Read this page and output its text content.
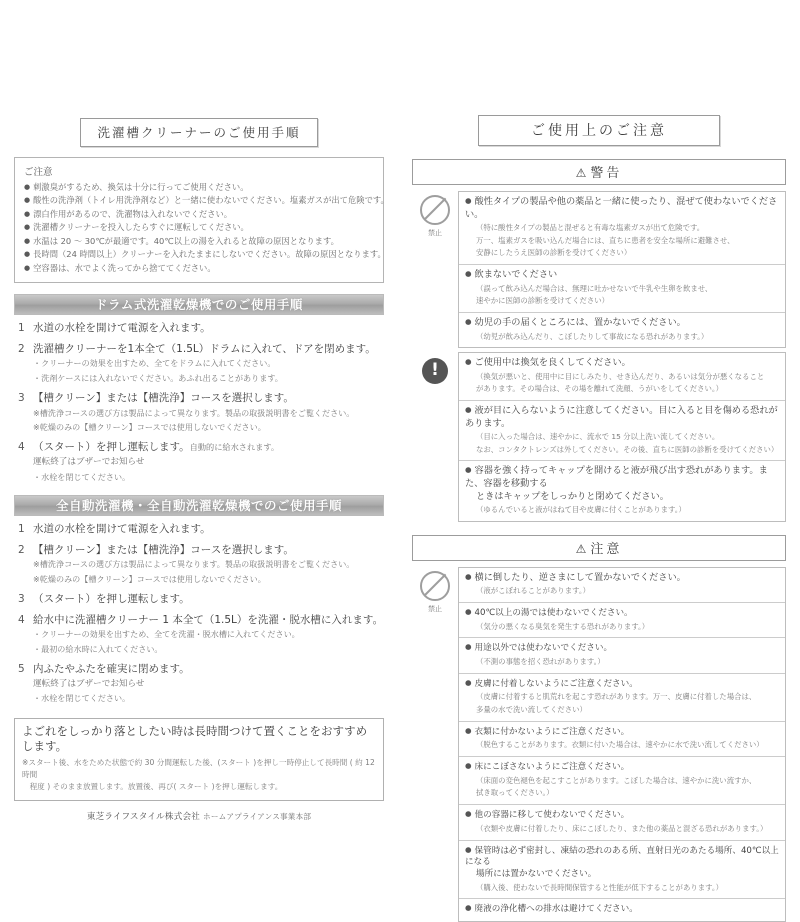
洗濯槽クリーナーのご使用手順
ご注意
● 刺激臭がするため、換気は十分に行ってご使用ください。
● 酸性の洗浄剤（トイレ用洗浄剤など）と一緒に使わないでください。塩素ガスが出て危険です。
● 漂白作用があるので、洗濯物は入れないでください。
● 洗濯槽クリーナーを投入したらすぐに運転してください。
● 水温は 20 ～ 30℃が最適です。40℃以上の湯を入れると故障の原因となります。
● 長時間（24 時間以上）クリーナーを入れたままにしないでください。故障の原因となります。
● 空容器は、水でよく洗ってから捨ててください。
ドラム式洗濯乾燥機でのご使用手順
1 水道の水栓を開けて電源を入れます。
2 洗濯槽クリーナーを1本全て（1.5L）ドラムに入れて、ドアを閉めます。
・クリーナーの効果を出すため、全てをドラムに入れてください。
・洗剤ケースには入れないでください。あふれ出ることがあります。
3 【槽クリーン】または【槽洗浄】コースを選択します。
※槽洗浄コースの選び方は製品によって異なります。製品の取扱説明書をご覧ください。
※乾燥のみの【槽クリーン】コースでは使用しないでください。
4 （スタート）を押し運転します。自動的に給水されます。
運転終了はブザーでお知らせ
・水栓を閉じてください。
全自動洗濯機・全自動洗濯乾燥機でのご使用手順
1 水道の水栓を開けて電源を入れます。
2 【槽クリーン】または【槽洗浄】コースを選択します。
※槽洗浄コースの選び方は製品によって異なります。製品の取扱説明書をご覧ください。
※乾燥のみの【槽クリーン】コースでは使用しないでください。
3 （スタート）を押し運転します。
4 給水中に洗濯槽クリーナー 1 本全て（1.5L）を洗濯・脱水槽に入れます。
・クリーナーの効果を出すため、全てを洗濯・脱水槽に入れてください。
・最初の給水時に入れてください。
5 内ふたやふたを確実に閉めます。
運転終了はブザーでお知らせ
・水栓を閉じてください。
よごれをしっかり落としたい時は長時間つけて置くことをおすすめします。
※スタート後、水をためた状態で約 30 分間運転した後、(スタート )を押し一時停止して長時間 ( 約 12 時間
　程度 ) そのまま放置します。放置後、再び( スタート )を押し運転します。
東芝ライフスタイル株式会社 ホームアプライアンス事業本部
ご使用上のご注意
⚠ 警告
禁止
● 酸性タイプの製品や他の薬品と一緒に使ったり、混ぜて使わないでください。
（特に酸性タイプの製品と混ぜると有毒な塩素ガスが出て危険です。
万一、塩素ガスを吸い込んだ場合には、直ちに患者を安全な場所に避難させ、
安静にしたうえ医師の診断を受けてください）
● 飲まないでください
（誤って飲み込んだ場合は、無理に吐かせないで牛乳や生卵を飲ませ、
速やかに医師の診断を受けてください）
● 幼児の手の届くところには、置かないでください。
（幼児が飲み込んだり、こぼしたりして事故になる恐れがあります。）
!	● ご使用中は換気を良くしてください。
（換気が悪いと、使用中に目にしみたり、せき込んだり、あるいは気分が悪くなること
があります。その場合は、その場を離れて洗顔、うがいをしてください。）
● 液が目に入らないように注意してください。目に入ると目を傷める恐れがあります。
（目に入った場合は、速やかに、流水で 15 分以上洗い流してください。
なお、コンタクトレンズは外してください。その後、直ちに医師の診断を受けてください）
● 容器を強く持ってキャップを開けると液が飛び出す恐れがあります。また、容器を移動する
ときはキャップをしっかりと閉めてください。
（ゆるんでいると液がはねて目や皮膚に付くことがあります。）
⚠ 注意
禁止
● 横に倒したり、逆さまにして置かないでください。
（液がこぼれることがあります。）
● 40℃以上の湯では使わないでください。
（気分の悪くなる臭気を発生する恐れがあります。）
● 用途以外では使わないでください。
（不測の事態を招く恐れがあります。）
● 皮膚に付着しないようにご注意ください。
（皮膚に付着すると肌荒れを起こす恐れがあります。万一、皮膚に付着した場合は、
多量の水で洗い流してください）
● 衣類に付かないようにご注意ください。
（脱色することがあります。衣類に付いた場合は、速やかに水で洗い流してください）
● 床にこぼさないようにご注意ください。
（床面の変色褪色を起こすことがあります。こぼした場合は、速やかに洗い流すか、
拭き取ってください。）
● 他の容器に移して使わないでください。
（衣類や皮膚に付着したり、床にこぼしたり、また他の薬品と混ざる恐れがあります。）
● 保管時は必ず密封し、凍結の恐れのある所、直射日光のあたる場所、40℃以上になる
場所には置かないでください。
（購入後、使わないで長時間保管すると性能が低下することがあります。）
● 廃液の浄化槽への排水は避けてください。
